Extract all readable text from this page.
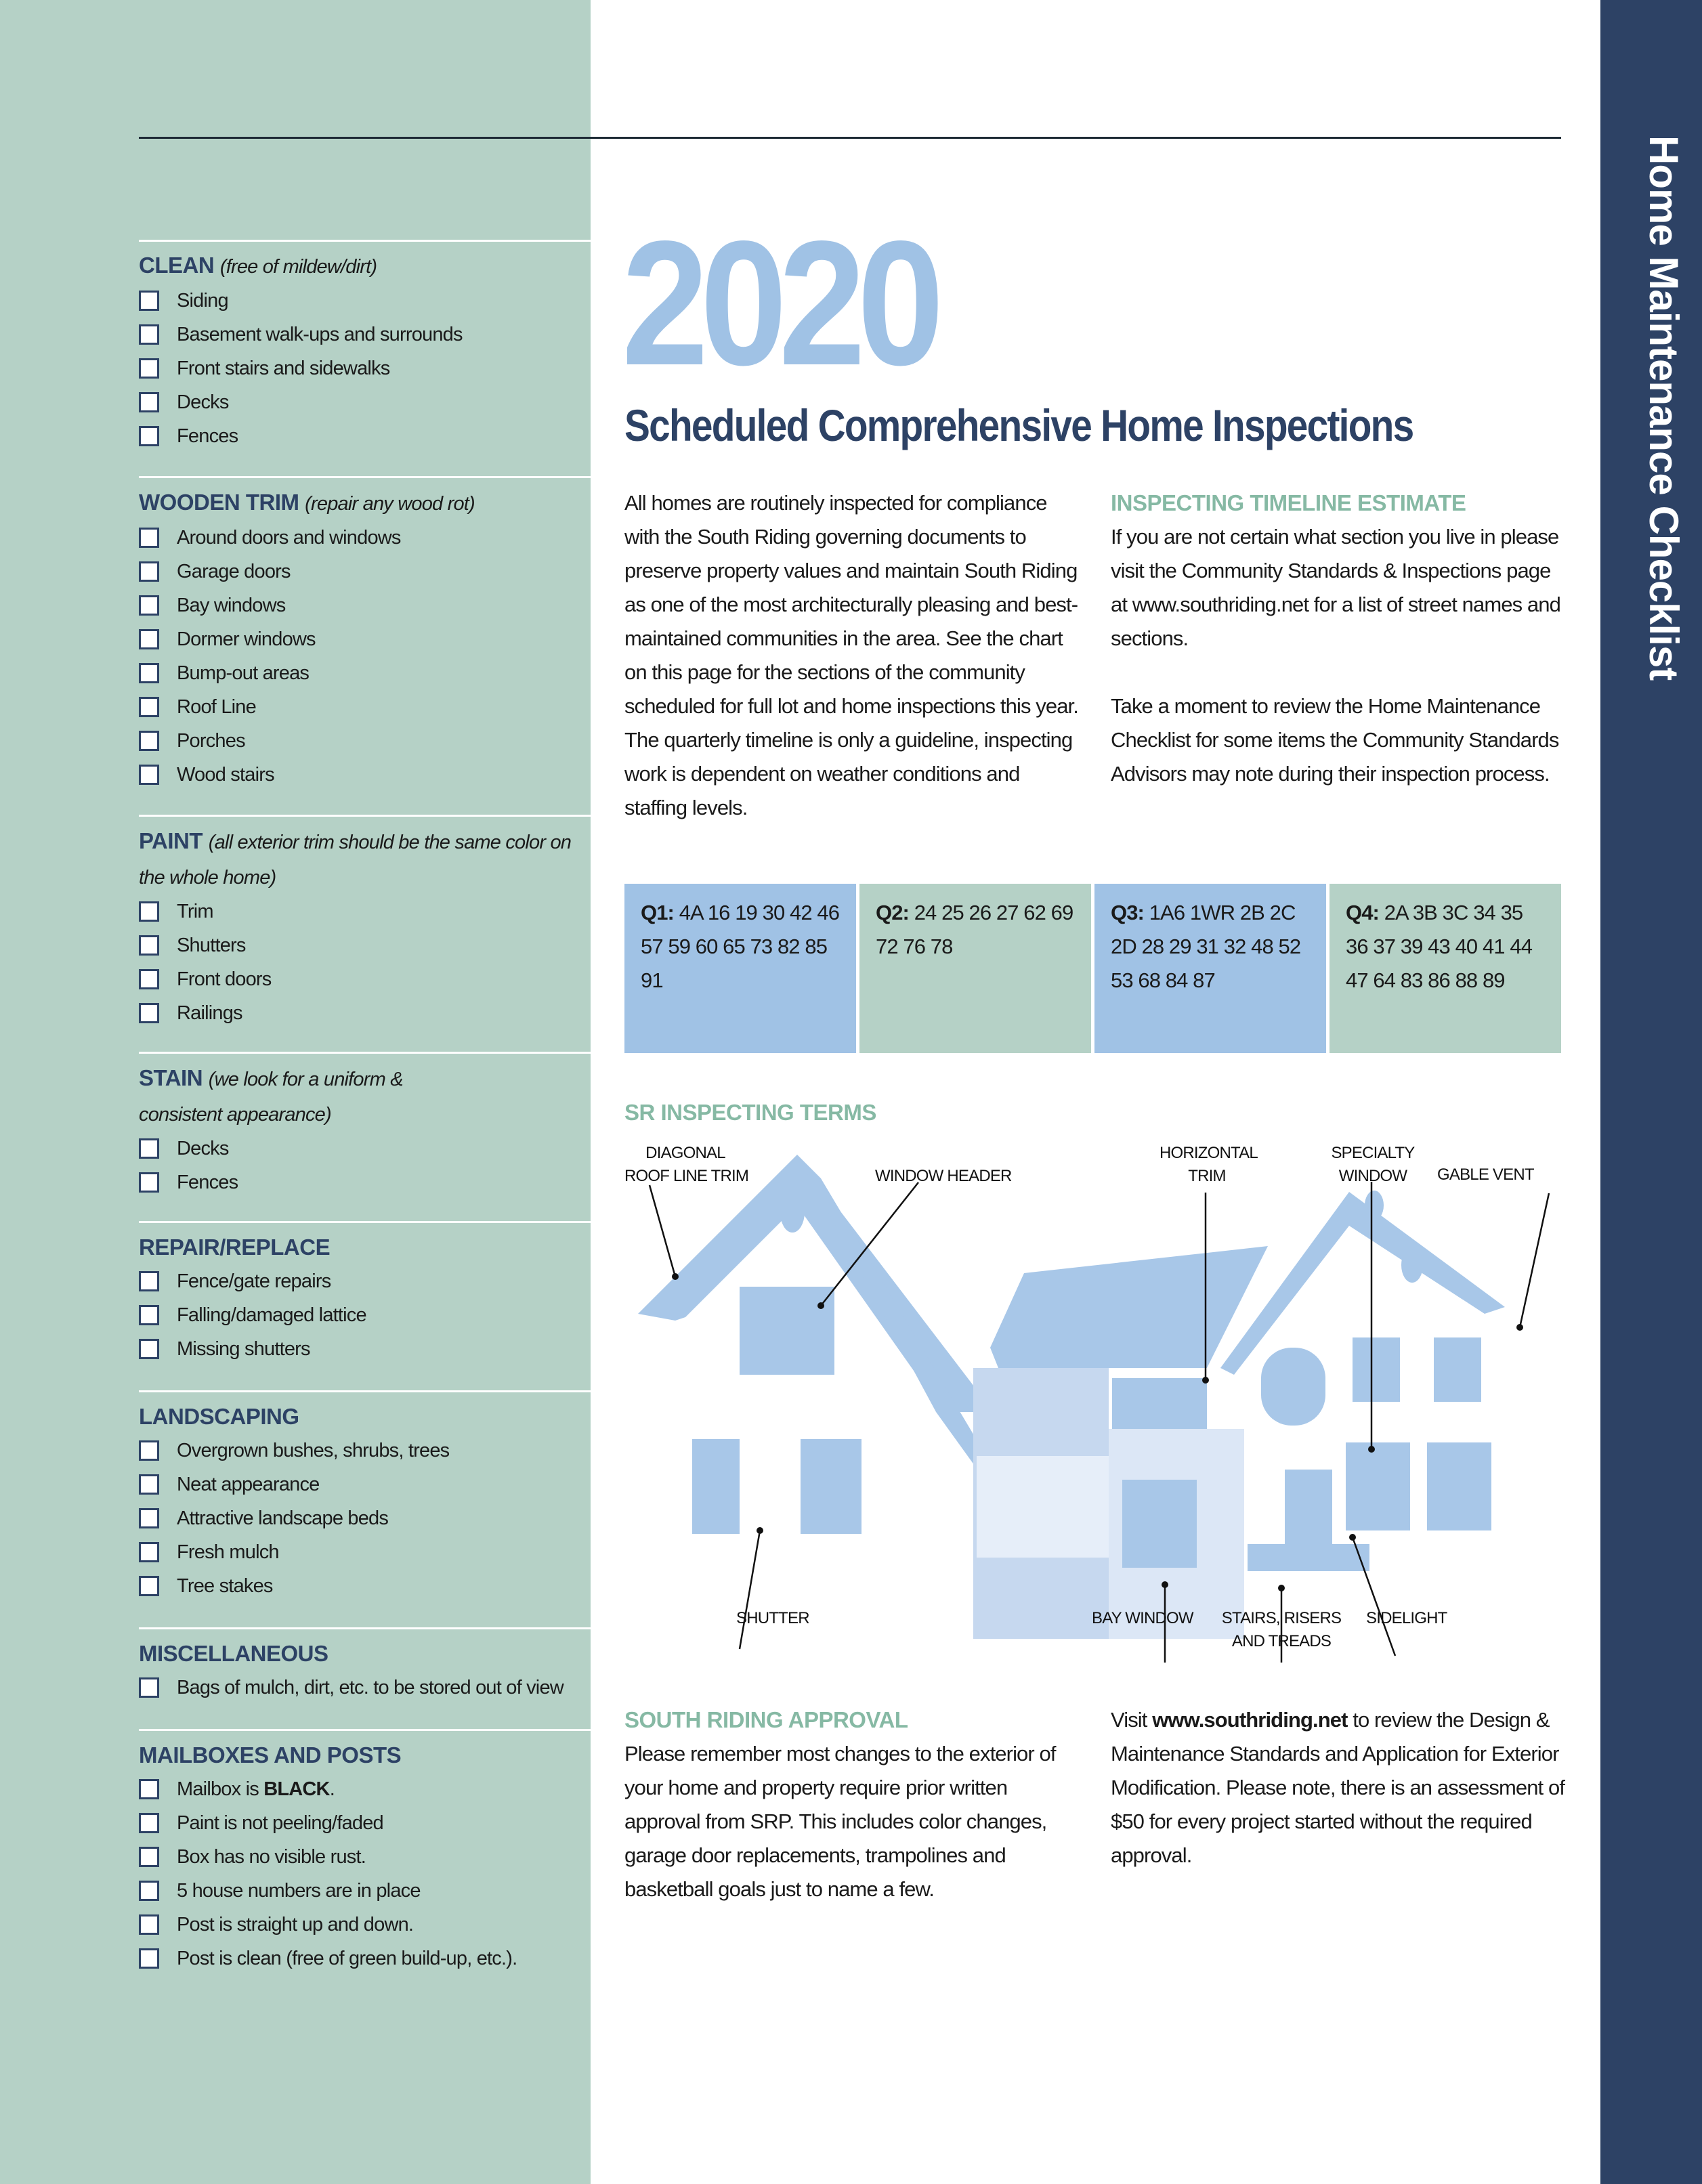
Home Maintenance Checklist
CLEAN (free of mildew/dirt)
Siding
Basement walk-ups and surrounds
Front stairs and sidewalks
Decks
Fences
WOODEN TRIM (repair any wood rot)
Around doors and windows
Garage doors
Bay windows
Dormer windows
Bump-out areas
Roof Line
Porches
Wood stairs
PAINT (all exterior trim should be the same color on the whole home)
Trim
Shutters
Front doors
Railings
STAIN (we look for a uniform & consistent appearance)
Decks
Fences
REPAIR/REPLACE
Fence/gate repairs
Falling/damaged lattice
Missing shutters
LANDSCAPING
Overgrown bushes, shrubs, trees
Neat appearance
Attractive landscape beds
Fresh mulch
Tree stakes
MISCELLANEOUS
Bags of mulch, dirt, etc. to be stored out of view
MAILBOXES AND POSTS
Mailbox is BLACK.
Paint is not peeling/faded
Box has no visible rust.
5 house numbers are in place
Post is straight up and down.
Post is clean (free of green build-up, etc.).
2020
Scheduled Comprehensive Home Inspections
All homes are routinely inspected for compliance with the South Riding governing documents to preserve property values and maintain South Riding as one of the most architecturally pleasing and best-maintained communities in the area. See the chart on this page for the sections of the community scheduled for full lot and home inspections this year. The quarterly timeline is only a guideline, inspecting work is dependent on weather conditions and staffing levels.
INSPECTING TIMELINE ESTIMATE
If you are not certain what section you live in please visit the Community Standards & Inspections page at www.southriding.net for a list of street names and sections.
Take a moment to review the Home Maintenance Checklist for some items the Community Standards Advisors may note during their inspection process.
Q1: 4A 16 19 30 42 46 57 59 60 65 73 82 85 91
Q2: 24 25 26 27 62 69 72 76 78
Q3: 1A6 1WR 2B 2C 2D 28 29 31 32 48 52 53 68 84 87
Q4: 2A 3B 3C 34 35 36 37 39 43 40 41 44 47 64 83 86 88 89
SR INSPECTING TERMS
DIAGONAL
ROOF LINE TRIM	WINDOW HEADER
HORIZONTAL
TRIM
SPECIALTY
WINDOW	GABLE VENT
SHUTTER	BAY WINDOW STAIRS, RISERS
AND TREADS
SIDELIGHT
SOUTH RIDING APPROVAL
Please remember most changes to the exterior of your home and property require prior written approval from SRP. This includes color changes, garage door replacements, trampolines and basketball goals just to name a few.
Visit www.southriding.net to review the Design & Maintenance Standards and Application for Exterior Modification. Please note, there is an assessment of $50 for every project started without the required approval.
